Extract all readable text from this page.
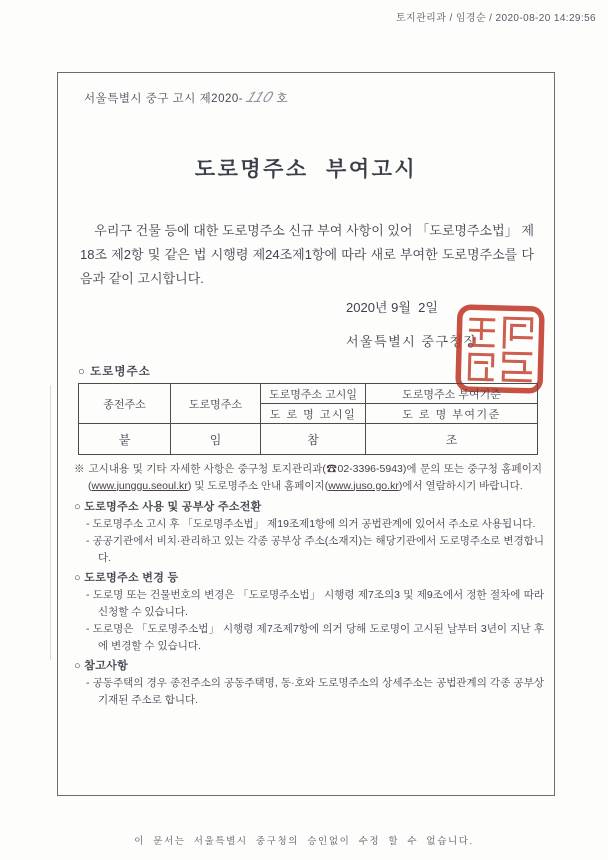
토지관리과 / 임경순 / 2020-08-20 14:29:56
서울특별시 중구 고시 제2020-110호
도로명주소 부여고시
우리구 건물 등에 대한 도로명주소 신규 부여 사항이 있어 「도로명주소법」 제18조 제2항 및 같은 법 시행령 제24조제1항에 따라 새로 부여한 도로명주소를 다음과 같이 고시합니다.
2020년 9월  2일
서울특별시 중구청장
○ 도로명주소
종전주소	도로명주소	도로명주소 고시일	도로명주소 부여기준
		도 로 명 고시일	도 로 명 부여기준
붙	임	참	조
※ 고시내용 및 기타 자세한 사항은 중구청 토지관리과(☎02-3396-5943)에 문의 또는 중구청 홈페이지 (www.junggu.seoul.kr) 및 도로명주소 안내 홈페이지(www.juso.go.kr)에서 열람하시기 바랍니다.
○ 도로명주소 사용 및 공부상 주소전환
- 도로명주소 고시 후 「도로명주소법」 제19조제1항에 의거 공법관계에 있어서 주소로 사용됩니다.
- 공공기관에서 비치·관리하고 있는 각종 공부상 주소(소재지)는 해당기관에서 도로명주소로 변경합니다.
○ 도로명주소 변경 등
- 도로명 또는 건물번호의 변경은 「도로명주소법」 시행령 제7조의3 및 제9조에서 정한 절차에 따라 신청할 수 있습니다.
- 도로명은 「도로명주소법」 시행령 제7조제7항에 의거 당해 도로명이 고시된 날부터 3년이 지난 후에 변경할 수 있습니다.
○ 참고사항
- 공동주택의 경우 종전주소의 공동주택명, 동·호와 도로명주소의 상세주소는 공법관계의 각종 공부상 기재된 주소로 합니다.
이 문서는 서울특별시 중구청의 승인없이 수정 할 수 없습니다.
